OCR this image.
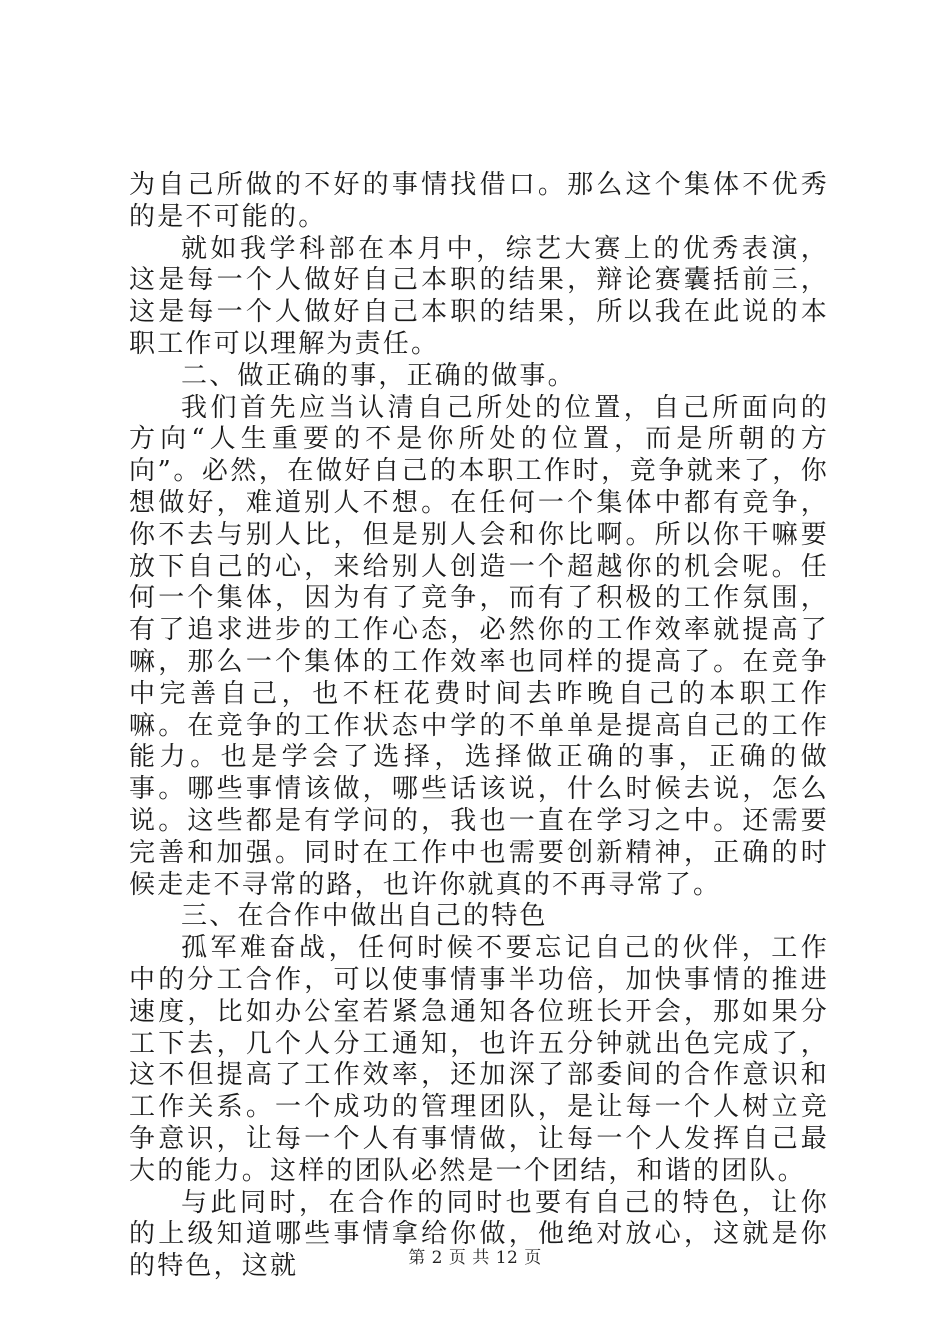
为自己所做的不好的事情找借口。那么这个集体不优秀的是不可能的。

就如我学科部在本月中，综艺大赛上的优秀表演，这是每一个人做好自己本职的结果，辩论赛囊括前三，这是每一个人做好自己本职的结果，所以我在此说的本职工作可以理解为责任。

二、做正确的事，正确的做事。

我们首先应当认清自己所处的位置，自己所面向的方向“人生重要的不是你所处的位置，而是所朝的方向”。必然，在做好自己的本职工作时，竞争就来了，你想做好，难道别人不想。在任何一个集体中都有竞争，你不去与别人比，但是别人会和你比啊。所以你干嘛要放下自己的心，来给别人创造一个超越你的机会呢。任何一个集体，因为有了竞争，而有了积极的工作氛围，有了追求进步的工作心态，必然你的工作效率就提高了嘛，那么一个集体的工作效率也同样的提高了。在竞争中完善自己，也不枉花费时间去昨晚自己的本职工作嘛。在竞争的工作状态中学的不单单是提高自己的工作能力。也是学会了选择，选择做正确的事，正确的做事。哪些事情该做，哪些话该说，什么时候去说，怎么说。这些都是有学问的，我也一直在学习之中。还需要完善和加强。同时在工作中也需要创新精神，正确的时候走走不寻常的路，也许你就真的不再寻常了。

三、在合作中做出自己的特色

孤军难奋战，任何时候不要忘记自己的伙伴，工作中的分工合作，可以使事情事半功倍，加快事情的推进速度，比如办公室若紧急通知各位班长开会，那如果分工下去，几个人分工通知，也许五分钟就出色完成了，这不但提高了工作效率，还加深了部委间的合作意识和工作关系。一个成功的管理团队，是让每一个人树立竞争意识，让每一个人有事情做，让每一个人发挥自己最大的能力。这样的团队必然是一个团结，和谐的团队。

与此同时，在合作的同时也要有自己的特色，让你的上级知道哪些事情拿给你做，他绝对放心，这就是你的特色，这就	第 2 页 共 12 页
